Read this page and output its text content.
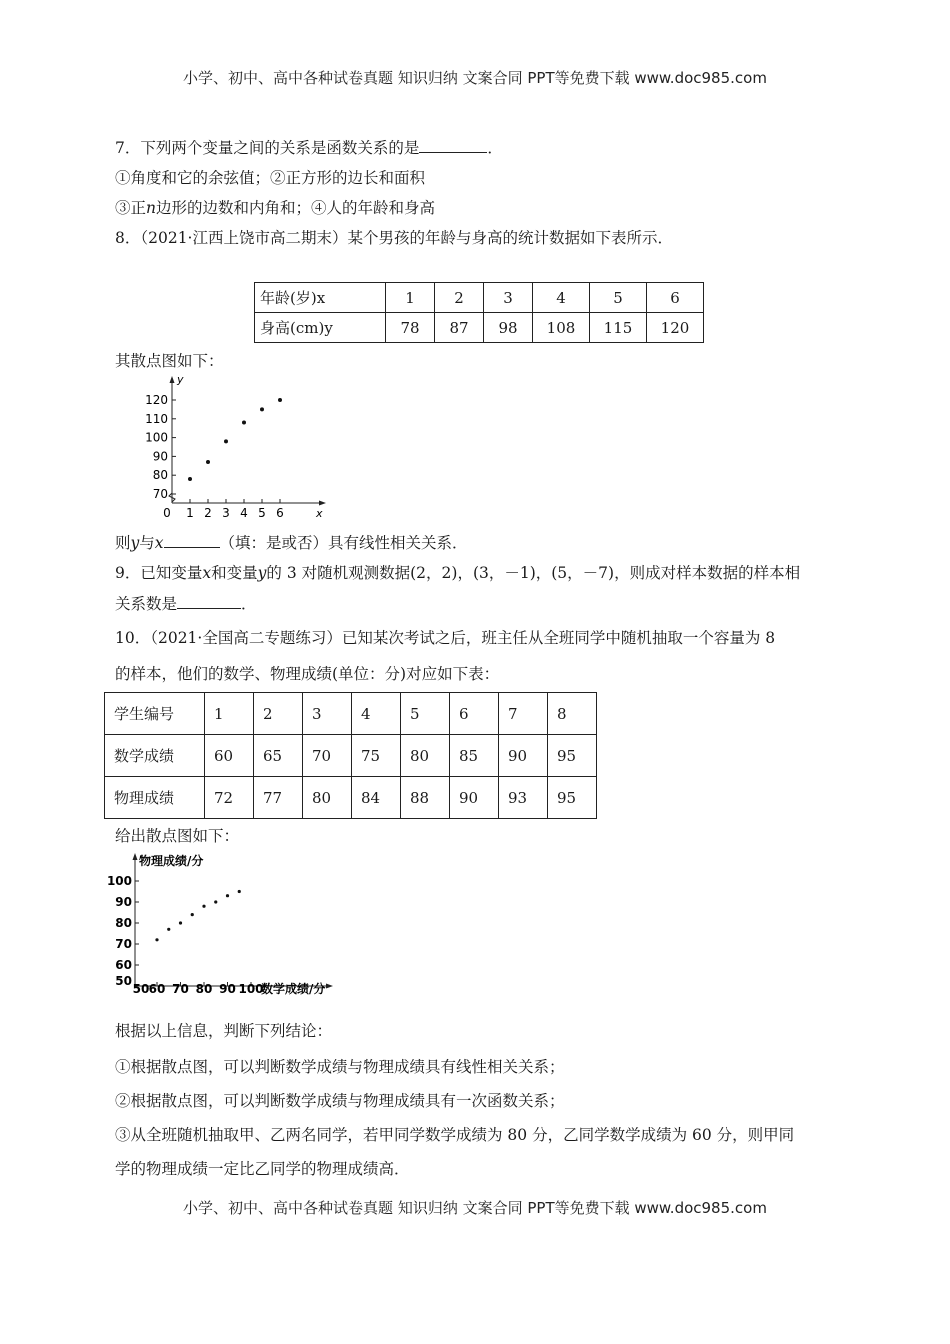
小学、初中、高中各种试卷真题 知识归纳 文案合同 PPT等免费下载 www.doc985.com
7．下列两个变量之间的关系是函数关系的是	．
①角度和它的余弦值；②正方形的边长和面积
③正n边形的边数和内角和；④人的年龄和身高
8．（2021·江西上饶市高二期末）某个男孩的年龄与身高的统计数据如下表所示．
年龄(岁)x	1	2	3	4	5	6
身高(cm)y	78	87	98	108	115	120
其散点图如下：
70
80
90
100
110
120
1 2 3 4 5 6
0
y
x
则y与x	（填：是或否）具有线性相关关系．
9．已知变量x和变量y的 3 对随机观测数据(2，2)，(3，－1)，(5，－7)，则成对样本数据的样本相
关系数是	．
10．（2021·全国高二专题练习）已知某次考试之后，班主任从全班同学中随机抽取一个容量为 8
的样本，他们的数学、物理成绩(单位：分)对应如下表：
学生编号	1	2	3	4	5	6	7	8
数学成绩	60	65	70	75	80	85	90	95
物理成绩	72	77	80	84	88	90	93	95
给出散点图如下：
50
60
70
80
90
100
50 60 70 80 90 100
物理成绩/分
数学成绩/分
根据以上信息，判断下列结论：
①根据散点图，可以判断数学成绩与物理成绩具有线性相关关系；
②根据散点图，可以判断数学成绩与物理成绩具有一次函数关系；
③从全班随机抽取甲、乙两名同学，若甲同学数学成绩为 80 分，乙同学数学成绩为 60 分，则甲同
学的物理成绩一定比乙同学的物理成绩高．
小学、初中、高中各种试卷真题 知识归纳 文案合同 PPT等免费下载 www.doc985.com
